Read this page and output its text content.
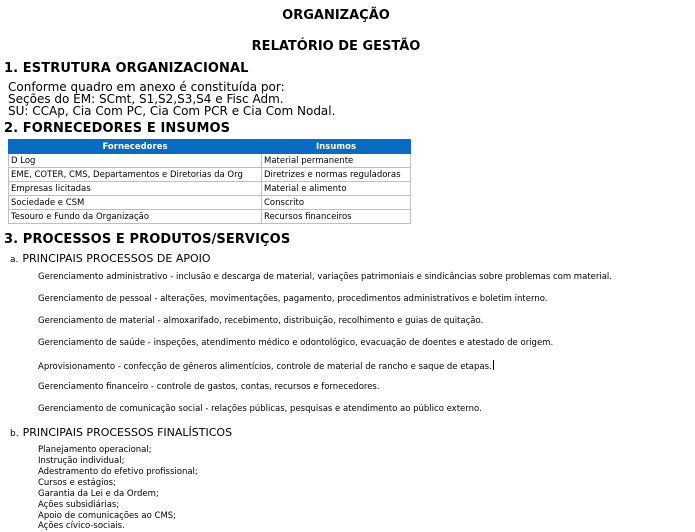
ORGANIZAÇÃO
RELATÓRIO DE GESTÃO
1. ESTRUTURA ORGANIZACIONAL
Conforme quadro em anexo é constituída por:
Seções do EM: SCmt, S1,S2,S3,S4 e Fisc Adm.
SU: CCAp, Cia Com PC, Cia Com PCR e Cia Com Nodal.
2. FORNECEDORES E INSUMOS
Fornecedores	Insumos
D Log	Material permanente
EME, COTER, CMS, Departamentos e Diretorias da Org	Diretrizes e normas reguladoras
Empresas licitadas	Material e alimento
Sociedade e CSM	Conscrito
Tesouro e Fundo da Organização	Recursos financeiros
3. PROCESSOS E PRODUTOS/SERVIÇOS
a. PRINCIPAIS PROCESSOS DE APOIO
Gerenciamento administrativo - inclusão e descarga de material, variações patrimoniais e sindicâncias sobre problemas com material.
Gerenciamento de pessoal - alterações, movimentações, pagamento, procedimentos administrativos e boletim interno.
Gerenciamento de material - almoxarifado, recebimento, distribuição, recolhimento e guias de quitação.
Gerenciamento de saúde - inspeções, atendimento médico e odontológico, evacuação de doentes e atestado de origem.
Aprovisionamento - confecção de gêneros alimentícios, controle de material de rancho e saque de etapas.
Gerenciamento financeiro - controle de gastos, contas, recursos e fornecedores.
Gerenciamento de comunicação social - relações públicas, pesquisas e atendimento ao público externo.
b. PRINCIPAIS PROCESSOS FINALÍSTICOS
Planejamento operacional;
Instrução individual;
Adestramento do efetivo profissional;
Cursos e estágios;
Garantia da Lei e da Ordem;
Ações subsidiárias;
Apoio de comunicações ao CMS;
Ações cívico-sociais.
